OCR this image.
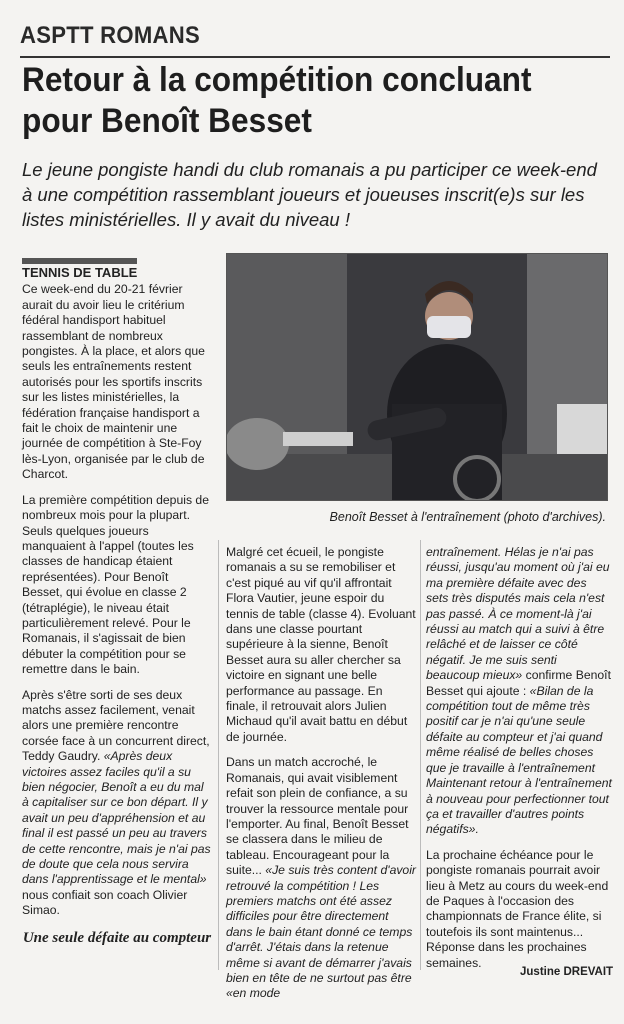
ASPTT ROMANS
Retour à la compétition concluant pour Benoît Besset
Le jeune pongiste handi du club romanais a pu participer ce week-end à une compétition rassemblant joueurs et joueuses inscrit(e)s sur les listes ministérielles. Il y avait du niveau !
TENNIS DE TABLE

Ce week-end du 20-21 février aurait du avoir lieu le critérium fédéral handisport habituel rassemblant de nombreux pongistes. À la place, et alors que seuls les entraînements restent autorisés pour les sportifs inscrits sur les listes ministérielles, la fédération française handisport a fait le choix de maintenir une journée de compétition à Ste-Foy lès-Lyon, organisée par le club de Charcot.

La première compétition depuis de nombreux mois pour la plupart. Seuls quelques joueurs manquaient à l'appel (toutes les classes de handicap étaient représentées). Pour Benoît Besset, qui évolue en classe 2 (tétraplégie), le niveau était particulièrement relevé. Pour le Romanais, il s'agissait de bien débuter la compétition pour se remettre dans le bain.

Après s'être sorti de ses deux matchs assez facilement, venait alors une première rencontre corsée face à un concurrent direct, Teddy Gaudry. «Après deux victoires assez faciles qu'il a su bien négocier, Benoît a eu du mal à capitaliser sur ce bon départ. Il y avait un peu d'appréhension et au final il est passé un peu au travers de cette rencontre, mais je n'ai pas de doute que cela nous servira dans l'apprentissage et le mental» nous confiait son coach Olivier Simao.

Une seule défaite au compteur
Benoît Besset à l'entraînement (photo d'archives).

Malgré cet écueil, le pongiste romanais a su se remobiliser et c'est piqué au vif qu'il affrontait Flora Vautier, jeune espoir du tennis de table (classe 4). Evoluant dans une classe pourtant supérieure à la sienne, Benoît Besset aura su aller chercher sa victoire en signant une belle performance au passage. En finale, il retrouvait alors Julien Michaud qu'il avait battu en début de journée.

Dans un match accroché, le Romanais, qui avait visiblement refait son plein de confiance, a su trouver la ressource mentale pour l'emporter. Au final, Benoît Besset se classera dans le milieu de tableau. Encourageant pour la suite... «Je suis très content d'avoir retrouvé la compétition ! Les premiers matchs ont été assez difficiles pour être directement dans le bain étant donné ce temps d'arrêt. J'étais dans la retenue même si avant de démarrer j'avais bien en tête de ne surtout pas être «en mode

entraînement. Hélas je n'ai pas réussi, jusqu'au moment où j'ai eu ma première défaite avec des sets très disputés mais cela n'est pas passé. À ce moment-là j'ai réussi au match qui a suivi à être relâché et de laisser ce côté négatif. Je me suis senti beaucoup mieux» confirme Benoît Besset qui ajoute : «Bilan de la compétition tout de même très positif car je n'ai qu'une seule défaite au compteur et j'ai quand même réalisé de belles choses que je travaille à l'entraînement Maintenant retour à l'entraînement à nouveau pour perfectionner tout ça et travailler d'autres points négatifs».

La prochaine échéance pour le pongiste romanais pourrait avoir lieu à Metz au cours du week-end de Paques à l'occasion des championnats de France élite, si toutefois ils sont maintenus... Réponse dans les prochaines semaines.

Justine DREVAIT
